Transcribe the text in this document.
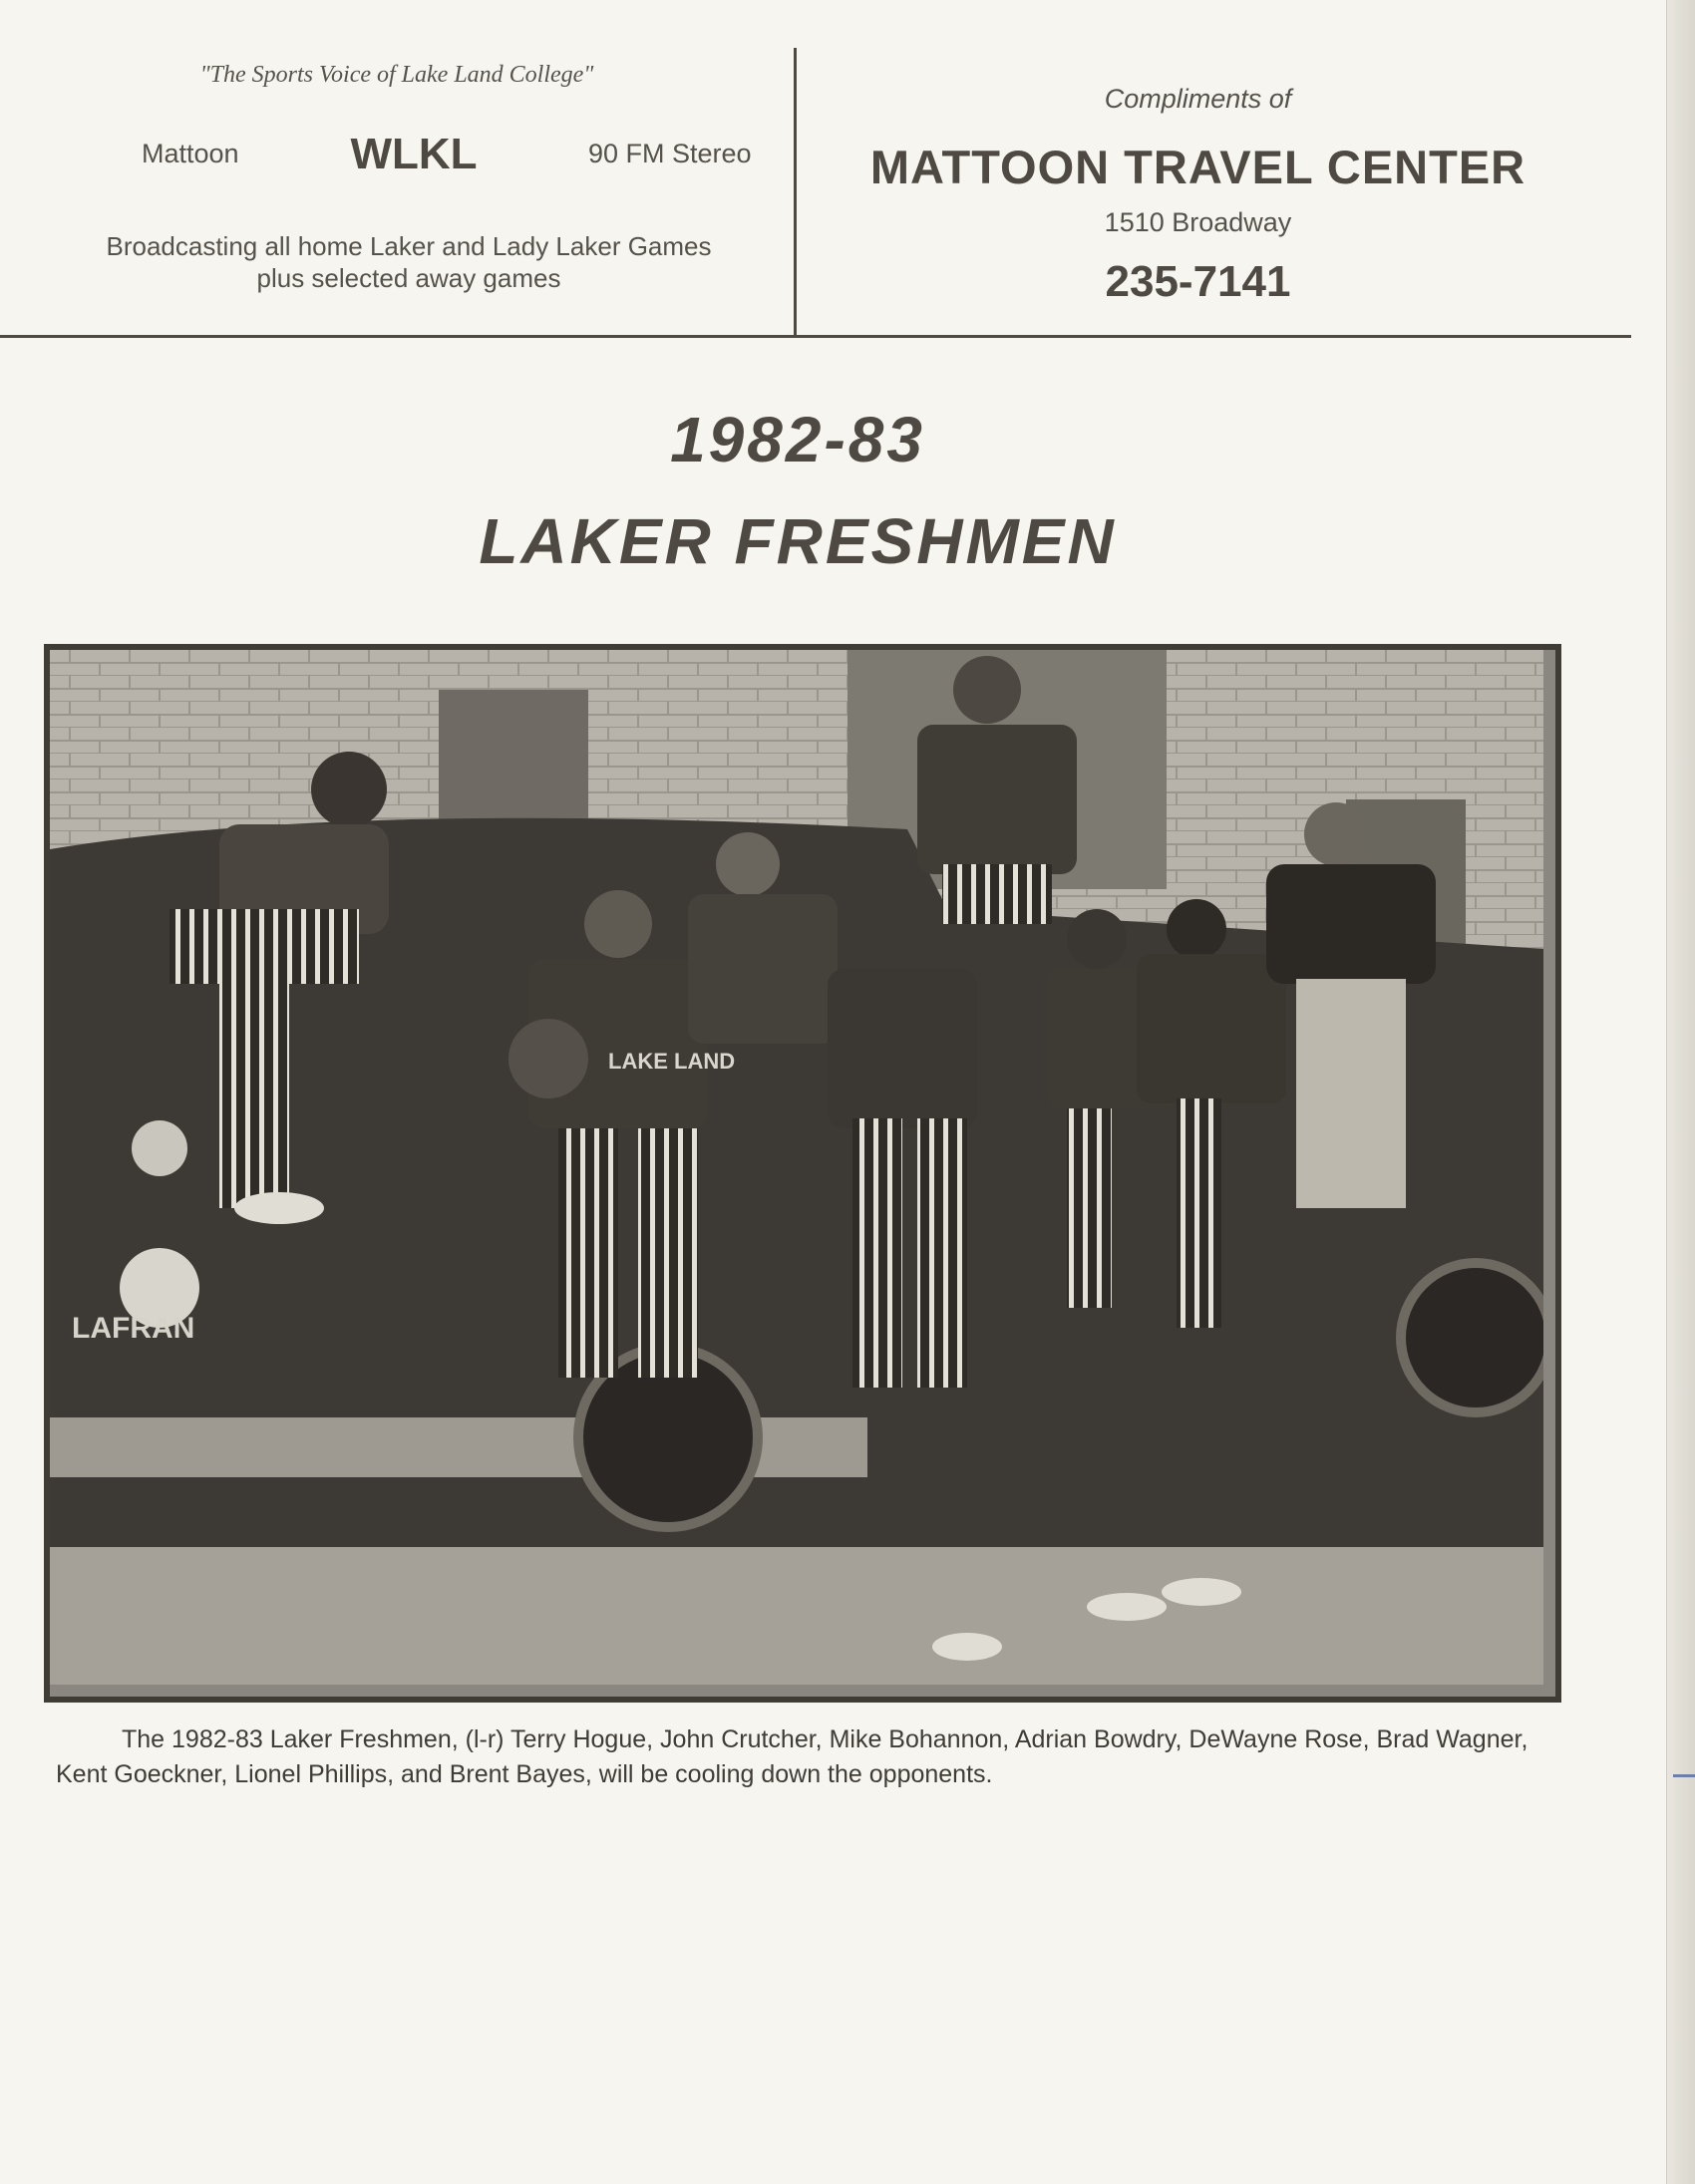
"The Sports Voice of Lake Land College"
Mattoon	WLKL	90 FM Stereo
Broadcasting all home Laker and Lady Laker Games
plus selected away games
Compliments of
MATTOON TRAVEL CENTER
1510 Broadway
235-7141
1982-83
LAKER FRESHMEN
LAFRAN
LAKE LAND
The 1982-83 Laker Freshmen, (l-r) Terry Hogue, John Crutcher, Mike Bohannon, Adrian Bowdry, DeWayne Rose, Brad Wagner, Kent Goeckner, Lionel Phillips, and Brent Bayes, will be cooling down the opponents.
